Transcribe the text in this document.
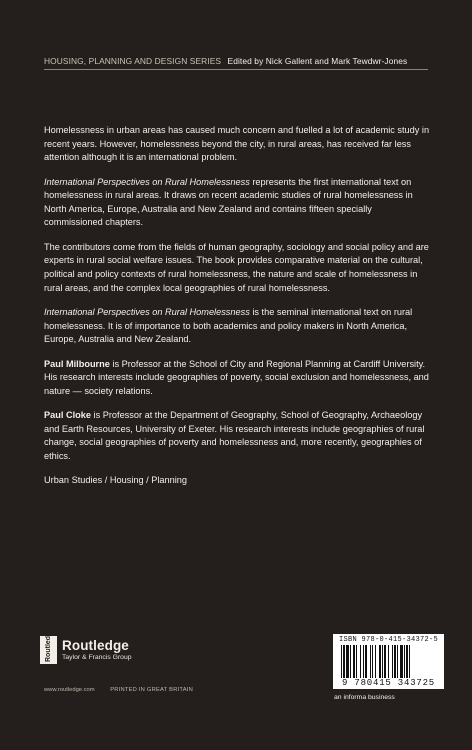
HOUSING, PLANNING AND DESIGN SERIES Edited by Nick Gallent and Mark Tewdwr-Jones

Homelessness in urban areas has caused much concern and fuelled a lot of academic study in recent years. However, homelessness beyond the city, in rural areas, has received far less attention although it is an international problem.

International Perspectives on Rural Homelessness represents the first international text on homelessness in rural areas. It draws on recent academic studies of rural homelessness in North America, Europe, Australia and New Zealand and contains fifteen specially commissioned chapters.

The contributors come from the fields of human geography, sociology and social policy and are experts in rural social welfare issues. The book provides comparative material on the cultural, political and policy contexts of rural homelessness, the nature and scale of homelessness in rural areas, and the complex local geographies of rural homelessness.

International Perspectives on Rural Homelessness is the seminal international text on rural homelessness. It is of importance to both academics and policy makers in North America, Europe, Australia and New Zealand.

Paul Milbourne is Professor at the School of City and Regional Planning at Cardiff University. His research interests include geographies of poverty, social exclusion and homelessness, and nature — society relations.

Paul Cloke is Professor at the Department of Geography, School of Geography, Archaeology and Earth Resources, University of Exeter. His research interests include geographies of rural change, social geographies of poverty and homelessness and, more recently, geographies of ethics.

Urban Studies / Housing / Planning

Routledge Routledge
Taylor & Francis Group
www.routledge.com	PRINTED IN GREAT BRITAIN
ISBN 978-0-415-34372-5
9 780415 343725
an informa business
